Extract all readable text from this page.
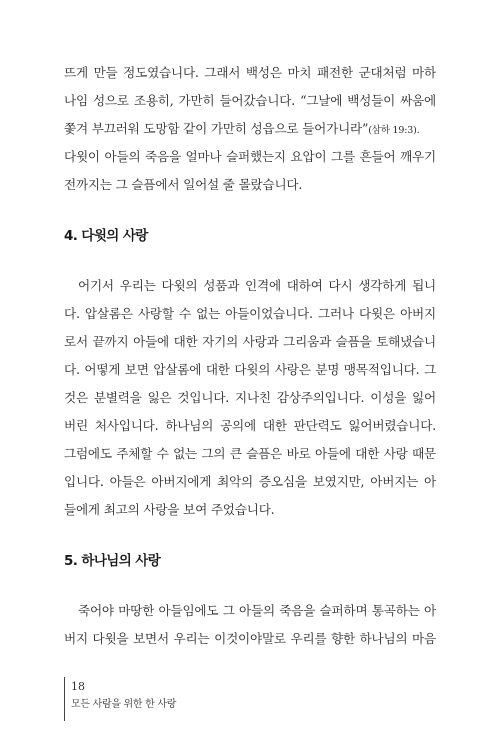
뜨게 만들 정도였습니다. 그래서 백성은 마치 패전한 군대처럼 마하
나임 성으로 조용히, 가만히 들어갔습니다. “그날에 백성들이 싸움에
쫓겨 부끄러워 도망함 같이 가만히 성읍으로 들어가니라”(삼하 19:3).
다윗이 아들의 죽음을 얼마나 슬퍼했는지 요압이 그를 흔들어 깨우기
전까지는 그 슬픔에서 일어설 줄 몰랐습니다.
4. 다윗의 사랑
어기서 우리는 다윗의 성품과 인격에 대하여 다시 생각하게 됩니
다. 압살롬은 사랑할 수 없는 아들이었습니다. 그러나 다윗은 아버지
로서 끝까지 아들에 대한 자기의 사랑과 그리움과 슬픔을 토해냈습니
다. 어떻게 보면 압살롬에 대한 다윗의 사랑은 분명 맹목적입니다. 그
것은 분별력을 잃은 것입니다. 지나친 감상주의입니다. 이성을 잃어
버린 처사입니다. 하나님의 공의에 대한 판단력도 잃어버렸습니다.
그럼에도 주체할 수 없는 그의 큰 슬픔은 바로 아들에 대한 사랑 때문
입니다. 아들은 아버지에게 최악의 증오심을 보였지만, 아버지는 아
들에게 최고의 사랑을 보여 주었습니다.
5. 하나님의 사랑
죽어야 마땅한 아들임에도 그 아들의 죽음을 슬퍼하며 통곡하는 아
버지 다윗을 보면서 우리는 이것이야말로 우리를 향한 하나님의 마음
18
모든 사람을 위한 한 사랑
